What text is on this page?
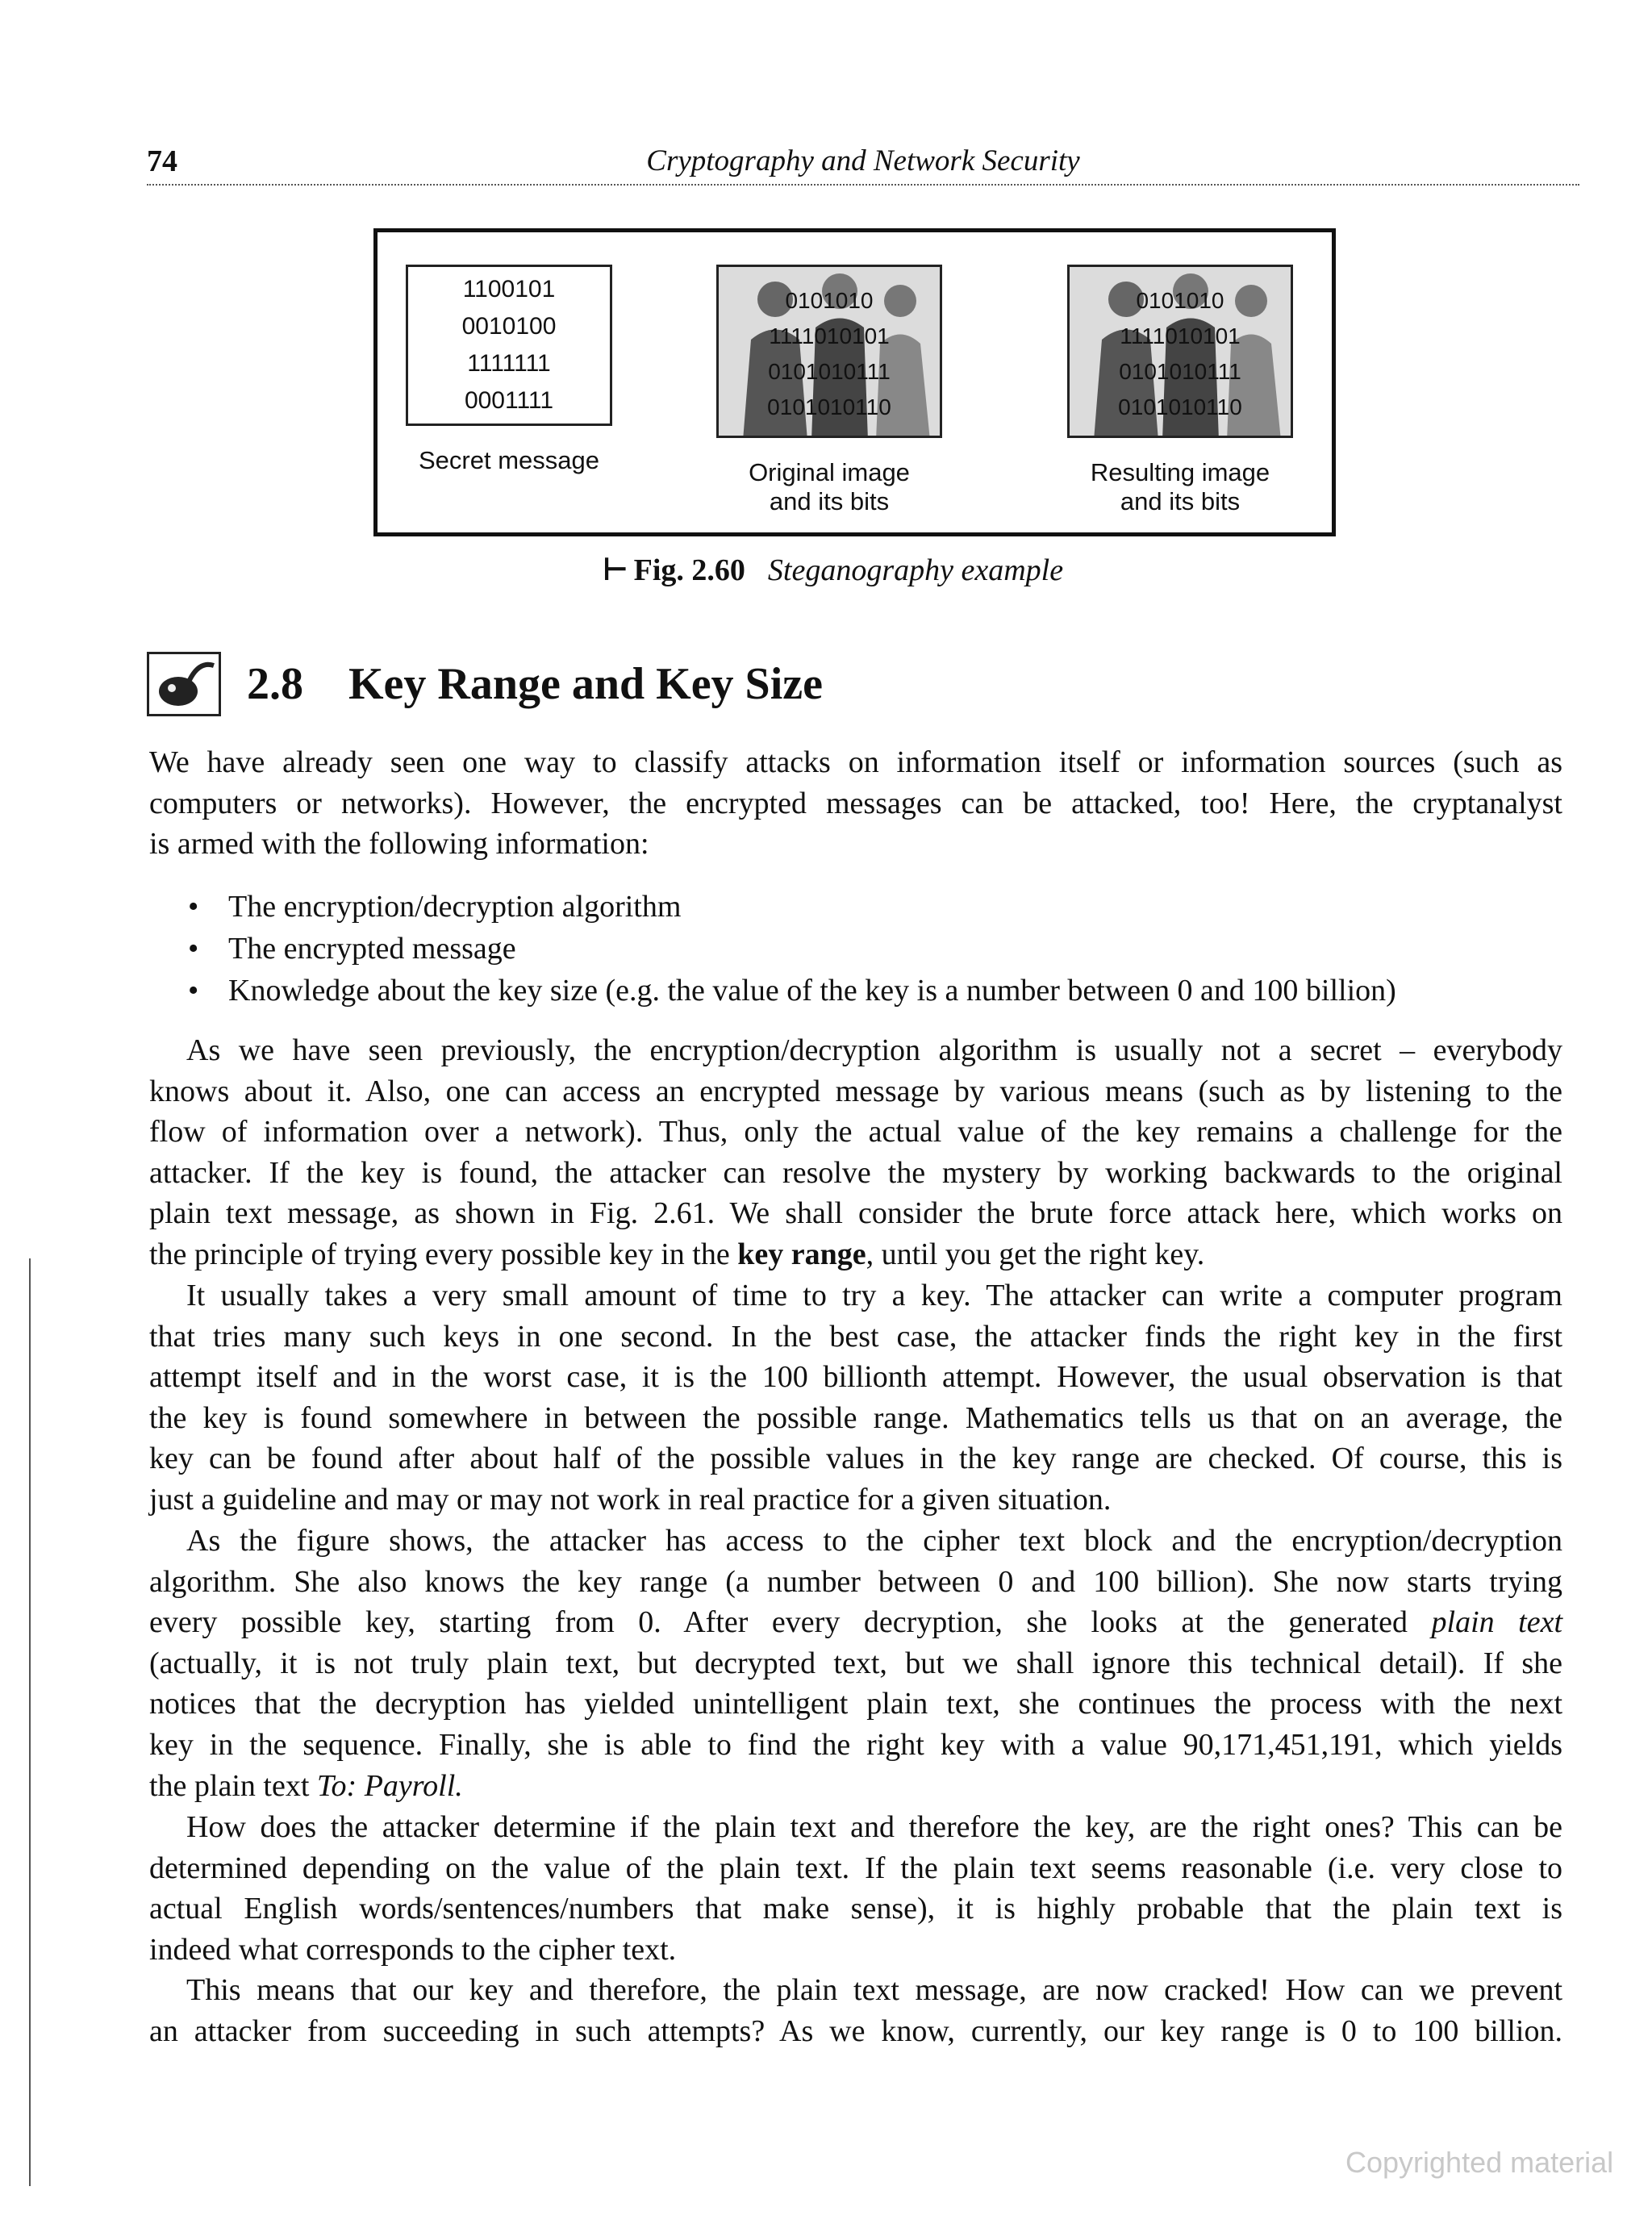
74	Cryptography and Network Security
1100101
0010100
1111111
0001111
Secret message
0101010
1111010101
0101010111
0101010110
Original image
and its bits
0101010
1111010101
0101010111
0101010110
Resulting image
and its bits
⊢ Fig. 2.60 Steganography example
2.8 Key Range and Key Size

We have already seen one way to classify attacks on information itself or information sources (such as
computers or networks). However, the encrypted messages can be attacked, too! Here, the cryptanalyst
is armed with the following information:

• The encryption/decryption algorithm
• The encrypted message
• Knowledge about the key size (e.g. the value of the key is a number between 0 and 100 billion)

As we have seen previously, the encryption/decryption algorithm is usually not a secret – everybody
knows about it. Also, one can access an encrypted message by various means (such as by listening to the
flow of information over a network). Thus, only the actual value of the key remains a challenge for the
attacker. If the key is found, the attacker can resolve the mystery by working backwards to the original
plain text message, as shown in Fig. 2.61. We shall consider the brute force attack here, which works on
the principle of trying every possible key in the key range, until you get the right key.

It usually takes a very small amount of time to try a key. The attacker can write a computer program
that tries many such keys in one second. In the best case, the attacker finds the right key in the first
attempt itself and in the worst case, it is the 100 billionth attempt. However, the usual observation is that
the key is found somewhere in between the possible range. Mathematics tells us that on an average, the
key can be found after about half of the possible values in the key range are checked. Of course, this is
just a guideline and may or may not work in real practice for a given situation.

As the figure shows, the attacker has access to the cipher text block and the encryption/decryption
algorithm. She also knows the key range (a number between 0 and 100 billion). She now starts trying
every possible key, starting from 0. After every decryption, she looks at the generated plain text
(actually, it is not truly plain text, but decrypted text, but we shall ignore this technical detail). If she
notices that the decryption has yielded unintelligent plain text, she continues the process with the next
key in the sequence. Finally, she is able to find the right key with a value 90,171,451,191, which yields
the plain text To: Payroll.

How does the attacker determine if the plain text and therefore the key, are the right ones? This can be
determined depending on the value of the plain text. If the plain text seems reasonable (i.e. very close to
actual English words/sentences/numbers that make sense), it is highly probable that the plain text is
indeed what corresponds to the cipher text.

This means that our key and therefore, the plain text message, are now cracked! How can we prevent
an attacker from succeeding in such attempts? As we know, currently, our key range is 0 to 100 billion.

Copyrighted material
